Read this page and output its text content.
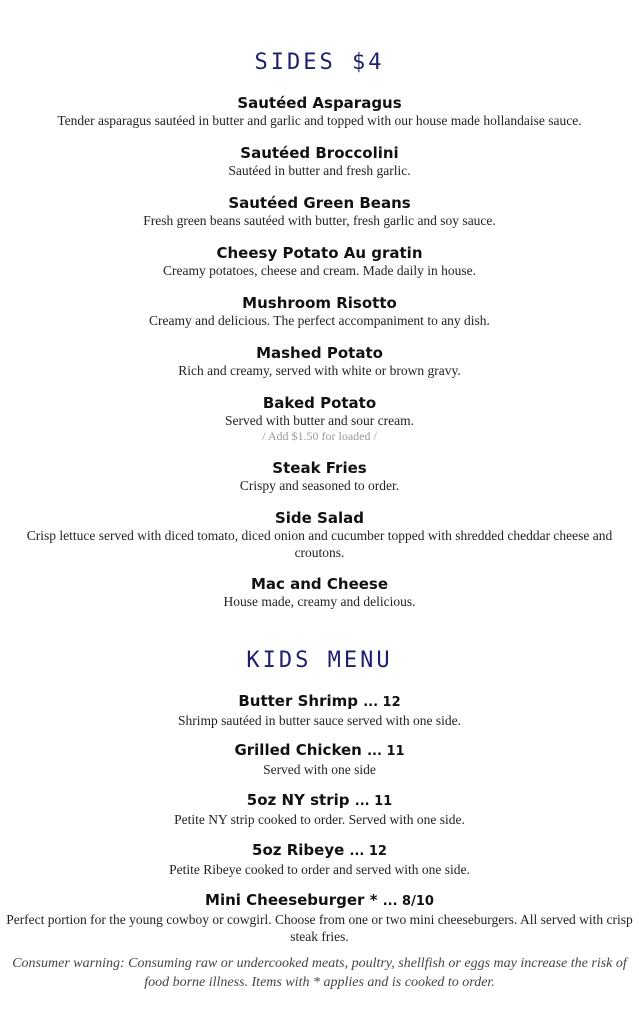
SIDES $4
Sautéed Asparagus
Tender asparagus sautéed in butter and garlic and topped with our house made hollandaise sauce.
Sautéed Broccolini
Sautéed in butter and fresh garlic.
Sautéed Green Beans
Fresh green beans sautéed with butter, fresh garlic and soy sauce.
Cheesy Potato Au gratin
Creamy potatoes, cheese and cream. Made daily in house.
Mushroom Risotto
Creamy and delicious. The perfect accompaniment to any dish.
Mashed Potato
Rich and creamy, served with white or brown gravy.
Baked Potato
Served with butter and sour cream.
/ Add $1.50 for loaded /
Steak Fries
Crispy and seasoned to order.
Side Salad
Crisp lettuce served with diced tomato, diced onion and cucumber topped with shredded cheddar cheese and croutons.
Mac and Cheese
House made, creamy and delicious.
KIDS MENU
Butter Shrimp ... 12
Shrimp sautéed in butter sauce served with one side.
Grilled Chicken ... 11
Served with one side
5oz NY strip ... 11
Petite NY strip cooked to order. Served with one side.
5oz Ribeye ... 12
Petite Ribeye cooked to order and served with one side.
Mini Cheeseburger * ... 8/10
Perfect portion for the young cowboy or cowgirl. Choose from one or two mini cheeseburgers. All served with crisp steak fries.
Consumer warning: Consuming raw or undercooked meats, poultry, shellfish or eggs may increase the risk of food borne illness. Items with * applies and is cooked to order.
